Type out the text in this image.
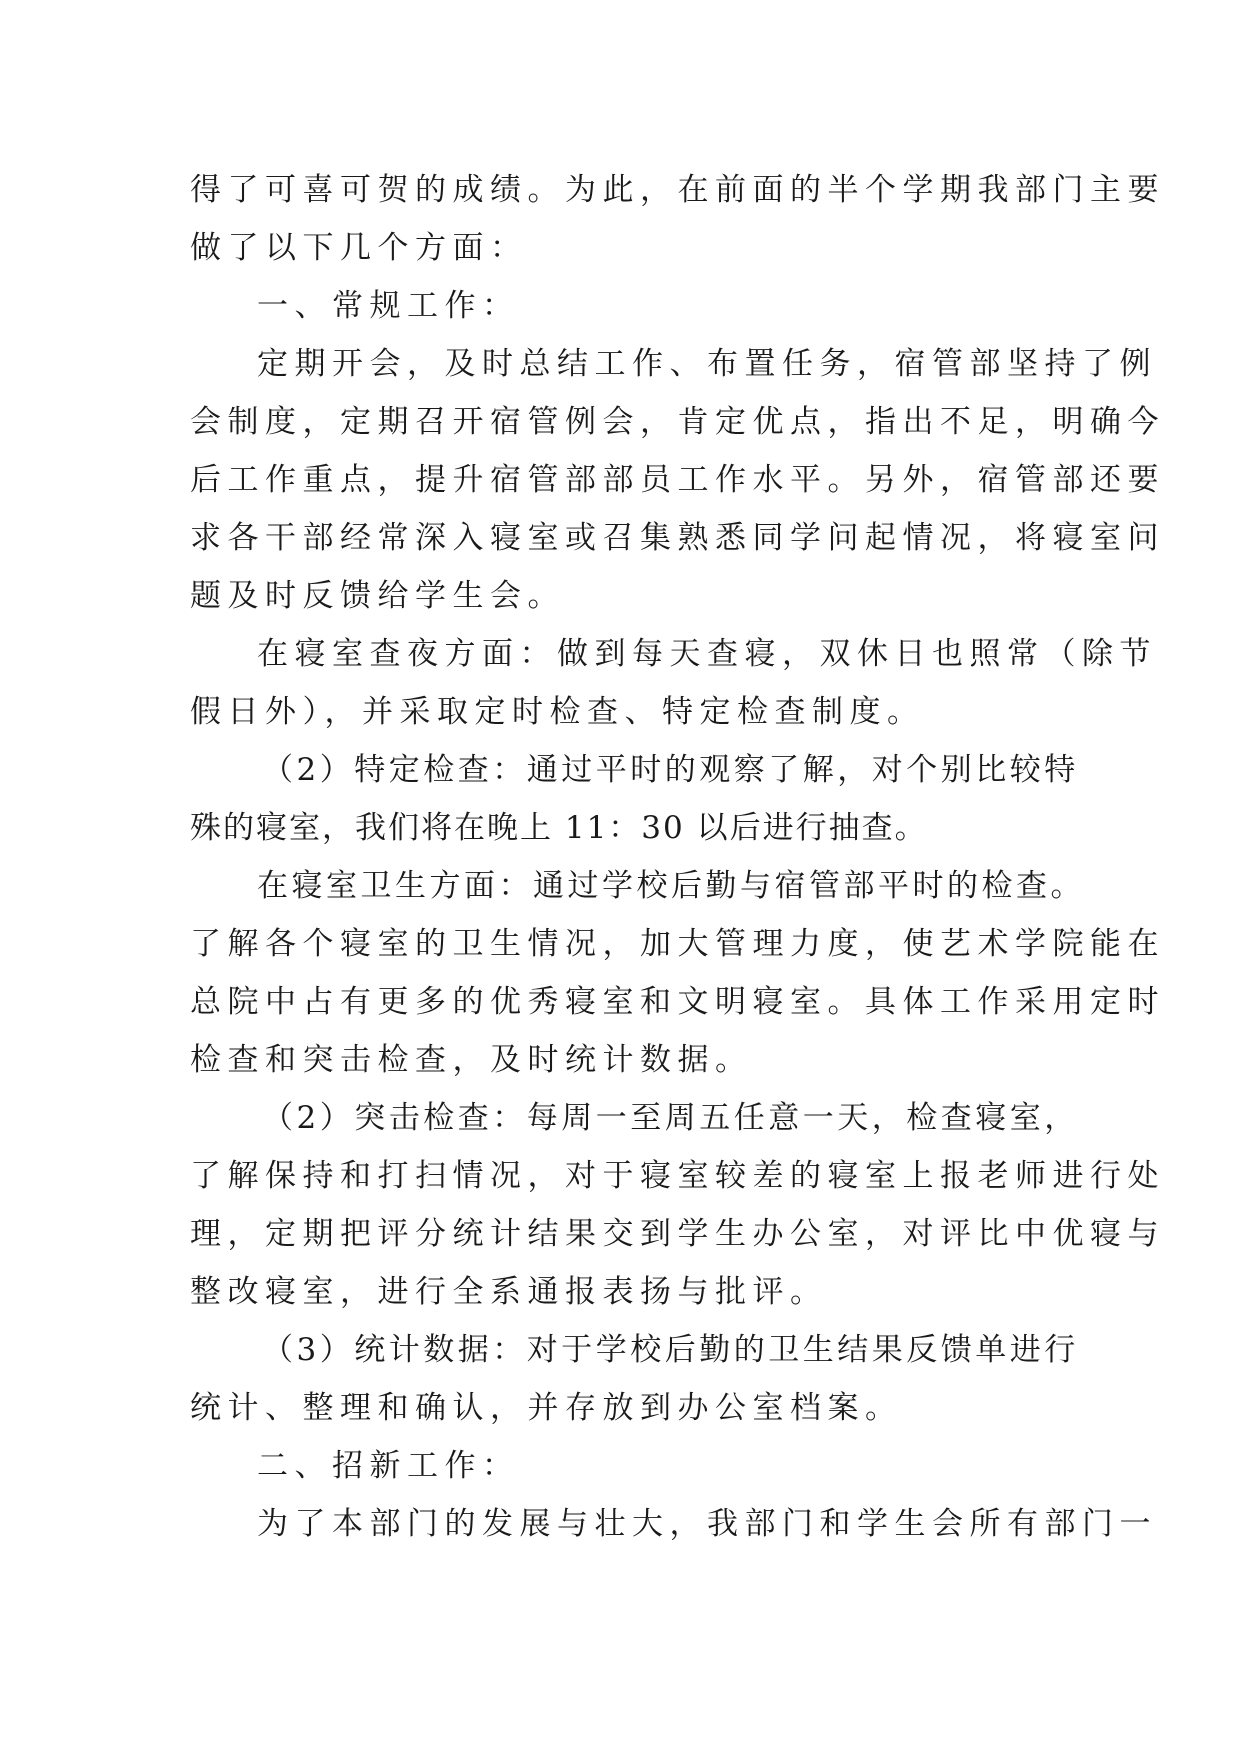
得了可喜可贺的成绩。为此，在前面的半个学期我部门主要
做了以下几个方面：
一、常规工作：
定期开会，及时总结工作、布置任务，宿管部坚持了例
会制度，定期召开宿管例会，肯定优点，指出不足，明确今
后工作重点，提升宿管部部员工作水平。另外，宿管部还要
求各干部经常深入寝室或召集熟悉同学问起情况，将寝室问
题及时反馈给学生会。
在寝室查夜方面：做到每天查寝，双休日也照常（除节
假日外），并采取定时检查、特定检查制度。
（2）特定检查：通过平时的观察了解，对个别比较特
殊的寝室，我们将在晚上 11：30 以后进行抽查。
在寝室卫生方面：通过学校后勤与宿管部平时的检查。
了解各个寝室的卫生情况，加大管理力度，使艺术学院能在
总院中占有更多的优秀寝室和文明寝室。具体工作采用定时
检查和突击检查，及时统计数据。
（2）突击检查：每周一至周五任意一天，检查寝室，
了解保持和打扫情况，对于寝室较差的寝室上报老师进行处
理，定期把评分统计结果交到学生办公室，对评比中优寝与
整改寝室，进行全系通报表扬与批评。
（3）统计数据：对于学校后勤的卫生结果反馈单进行
统计、整理和确认，并存放到办公室档案。
二、招新工作：
为了本部门的发展与壮大，我部门和学生会所有部门一
